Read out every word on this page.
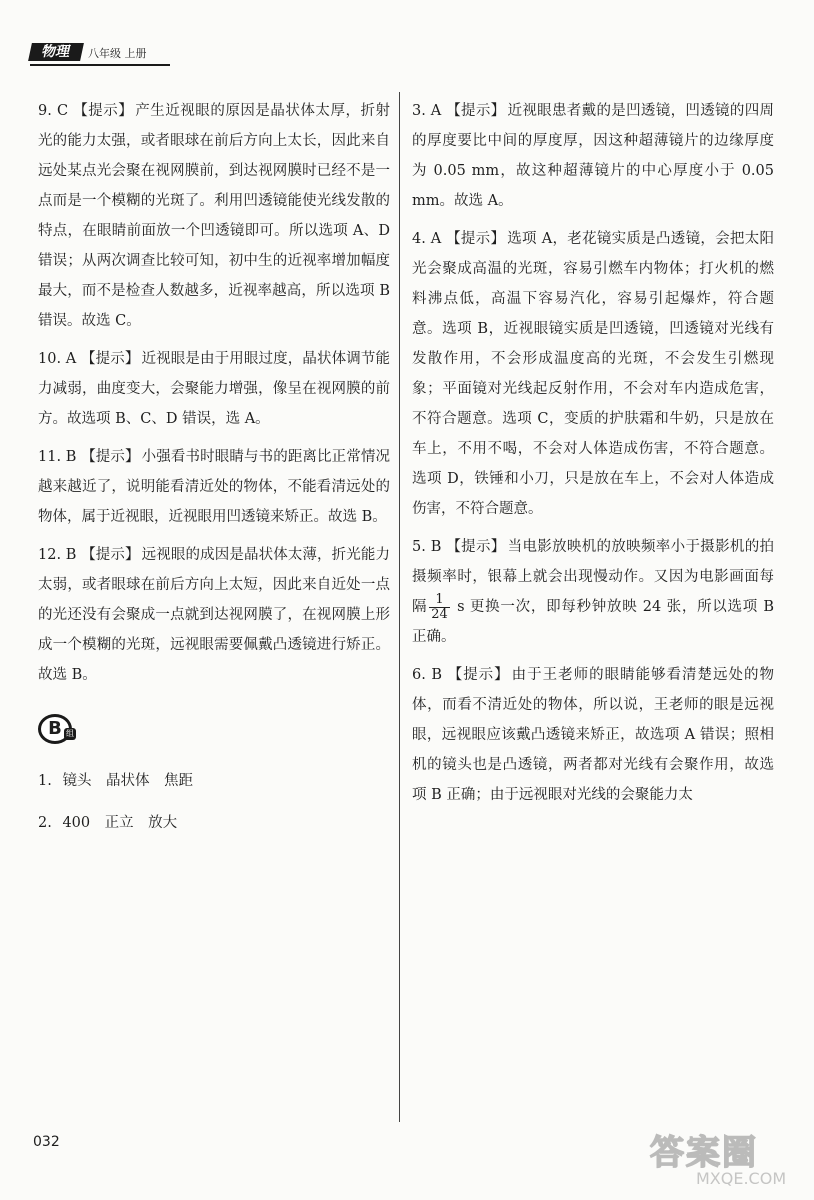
物理	八年级 上册

9. C 【提示】 产生近视眼的原因是晶状体太厚，折射光的能力太强，或者眼球在前后方向上太长，因此来自远处某点光会聚在视网膜前，到达视网膜时已经不是一点而是一个模糊的光斑了。利用凹透镜能使光线发散的特点，在眼睛前面放一个凹透镜即可。所以选项 A、D 错误；从两次调查比较可知，初中生的近视率增加幅度最大，而不是检查人数越多，近视率越高，所以选项 B 错误。故选 C。

10. A 【提示】 近视眼是由于用眼过度，晶状体调节能力减弱，曲度变大，会聚能力增强，像呈在视网膜的前方。故选项 B、C、D 错误，选 A。

11. B 【提示】 小强看书时眼睛与书的距离比正常情况越来越近了，说明能看清近处的物体，不能看清远处的物体，属于近视眼，近视眼用凹透镜来矫正。故选 B。

12. B 【提示】 远视眼的成因是晶状体太薄，折光能力太弱，或者眼球在前后方向上太短，因此来自近处一点的光还没有会聚成一点就到达视网膜了，在视网膜上形成一个模糊的光斑，远视眼需要佩戴凸透镜进行矫正。故选 B。

B 组

1. 镜头　晶状体　焦距

2. 400　正立　放大

3. A 【提示】 近视眼患者戴的是凹透镜，凹透镜的四周的厚度要比中间的厚度厚，因这种超薄镜片的边缘厚度为 0.05 mm，故这种超薄镜片的中心厚度小于 0.05 mm。故选 A。

4. A 【提示】 选项 A，老花镜实质是凸透镜，会把太阳光会聚成高温的光斑，容易引燃车内物体；打火机的燃料沸点低，高温下容易汽化，容易引起爆炸，符合题意。选项 B，近视眼镜实质是凹透镜，凹透镜对光线有发散作用，不会形成温度高的光斑，不会发生引燃现象；平面镜对光线起反射作用，不会对车内造成危害，不符合题意。选项 C，变质的护肤霜和牛奶，只是放在车上，不用不喝，不会对人体造成伤害，不符合题意。选项 D，铁锤和小刀，只是放在车上，不会对人体造成伤害，不符合题意。

5. B 【提示】 当电影放映机的放映频率小于摄影机的拍摄频率时，银幕上就会出现慢动作。又因为电影画面每隔 $\frac{1}{24}$ s 更换一次，即每秒钟放映 24 张，所以选项 B 正确。

6. B 【提示】 由于王老师的眼睛能够看清楚远处的物体，而看不清近处的物体，所以说，王老师的眼是远视眼，远视眼应该戴凸透镜来矫正，故选项 A 错误；照相机的镜头也是凸透镜，两者都对光线有会聚作用，故选项 B 正确；由于远视眼对光线的会聚能力太

032	答案圈
MXQE.COM
